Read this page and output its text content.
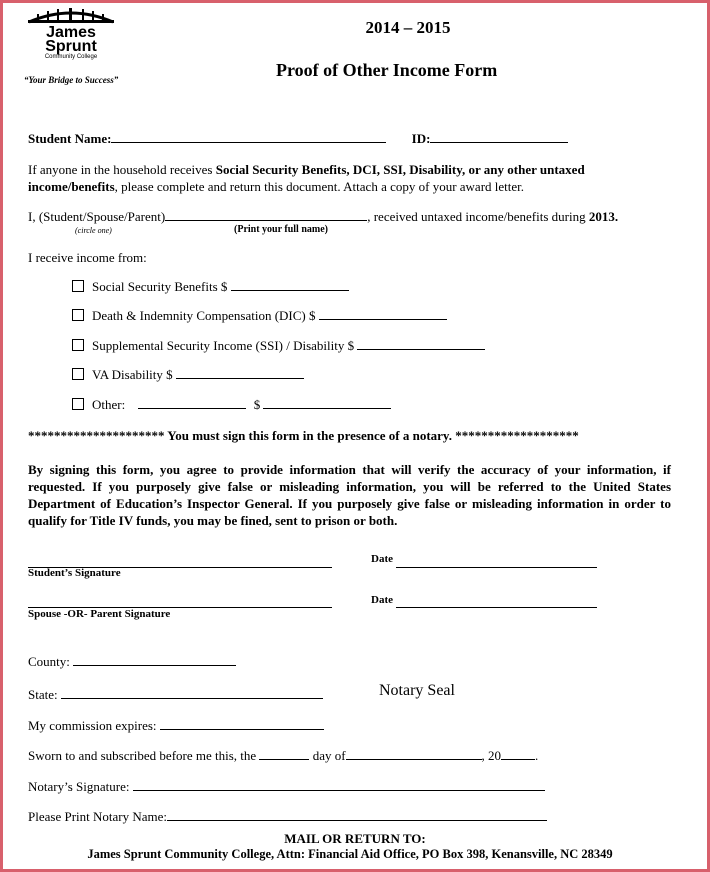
James
Sprunt
Community College
“Your Bridge to Success”
2014 – 2015
Proof of Other Income Form
Student Name:	ID:
If anyone in the household receives Social Security Benefits, DCI, SSI, Disability, or any other untaxed income/benefits, please complete and return this document. Attach a copy of your award letter.
I, (Student/Spouse/Parent)	, received untaxed income/benefits during 2013.
(circle one)	(Print your full name)
I receive income from:
Social Security Benefits $
Death & Indemnity Compensation (DIC) $
Supplemental Security Income (SSI) / Disability $
VA Disability $
Other:	$
********************* You must sign this form in the presence of a notary. *******************
By signing this form, you agree to provide information that will verify the accuracy of your information, if requested. If you purposely give false or misleading information, you will be referred to the United States Department of Education’s Inspector General. If you purposely give false or misleading information in order to qualify for Title IV funds, you may be fined, sent to prison or both.
Student’s Signature
Date
Spouse -OR- Parent Signature
Date
County:
State:	Notary Seal
My commission expires:
Sworn to and subscribed before me this, the	day of	, 20	.
Notary’s Signature:
Please Print Notary Name:
MAIL OR RETURN TO:
James Sprunt Community College, Attn: Financial Aid Office, PO Box 398, Kenansville, NC 28349
